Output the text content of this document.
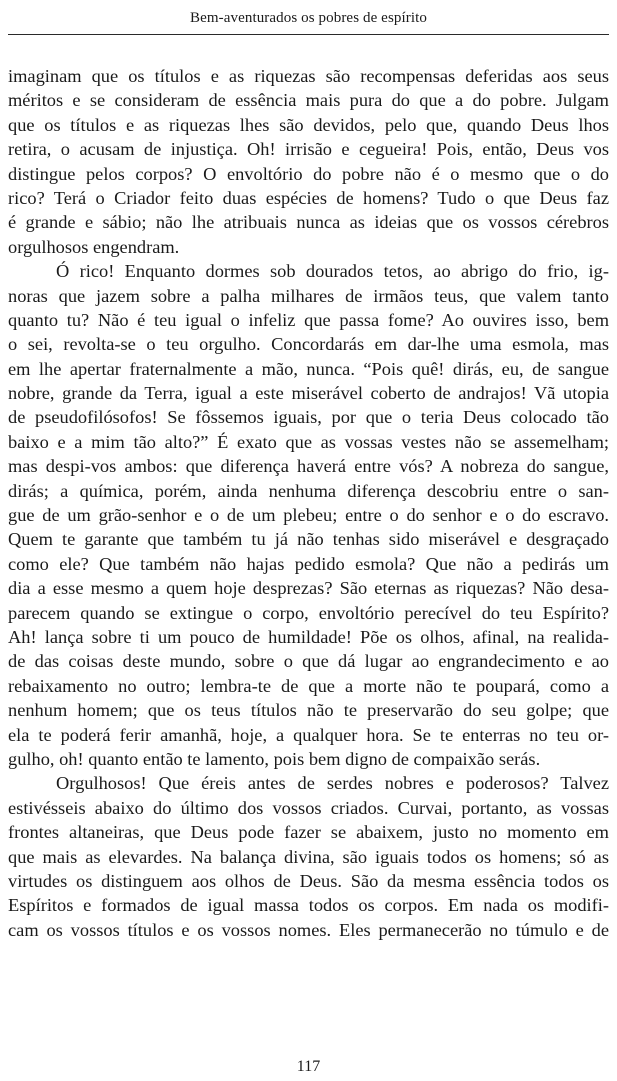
Bem-aventurados os pobres de espírito
imaginam que os títulos e as riquezas são recompensas deferidas aos seus
méritos e se consideram de essência mais pura do que a do pobre. Julgam
que os títulos e as riquezas lhes são devidos, pelo que, quando Deus lhos
retira, o acusam de injustiça. Oh! irrisão e cegueira! Pois, então, Deus vos
distingue pelos corpos? O envoltório do pobre não é o mesmo que o do
rico? Terá o Criador feito duas espécies de homens? Tudo o que Deus faz
é grande e sábio; não lhe atribuais nunca as ideias que os vossos cérebros
orgulhosos engendram.
Ó rico! Enquanto dormes sob dourados tetos, ao abrigo do frio, ig-
noras que jazem sobre a palha milhares de irmãos teus, que valem tanto
quanto tu? Não é teu igual o infeliz que passa fome? Ao ouvires isso, bem
o sei, revolta-se o teu orgulho. Concordarás em dar-lhe uma esmola, mas
em lhe apertar fraternalmente a mão, nunca. “Pois quê! dirás, eu, de sangue
nobre, grande da Terra, igual a este miserável coberto de andrajos! Vã utopia
de pseudofilósofos! Se fôssemos iguais, por que o teria Deus colocado tão
baixo e a mim tão alto?” É exato que as vossas vestes não se assemelham;
mas despi-vos ambos: que diferença haverá entre vós? A nobreza do sangue,
dirás; a química, porém, ainda nenhuma diferença descobriu entre o san-
gue de um grão-senhor e o de um plebeu; entre o do senhor e o do escravo.
Quem te garante que também tu já não tenhas sido miserável e desgraçado
como ele? Que também não hajas pedido esmola? Que não a pedirás um
dia a esse mesmo a quem hoje desprezas? São eternas as riquezas? Não desa-
parecem quando se extingue o corpo, envoltório perecível do teu Espírito?
Ah! lança sobre ti um pouco de humildade! Põe os olhos, afinal, na realida-
de das coisas deste mundo, sobre o que dá lugar ao engrandecimento e ao
rebaixamento no outro; lembra-te de que a morte não te poupará, como a
nenhum homem; que os teus títulos não te preservarão do seu golpe; que
ela te poderá ferir amanhã, hoje, a qualquer hora. Se te enterras no teu or-
gulho, oh! quanto então te lamento, pois bem digno de compaixão serás.
Orgulhosos! Que éreis antes de serdes nobres e poderosos? Talvez
estivésseis abaixo do último dos vossos criados. Curvai, portanto, as vossas
frontes altaneiras, que Deus pode fazer se abaixem, justo no momento em
que mais as elevardes. Na balança divina, são iguais todos os homens; só as
virtudes os distinguem aos olhos de Deus. São da mesma essência todos os
Espíritos e formados de igual massa todos os corpos. Em nada os modifi-
cam os vossos títulos e os vossos nomes. Eles permanecerão no túmulo e de
117
